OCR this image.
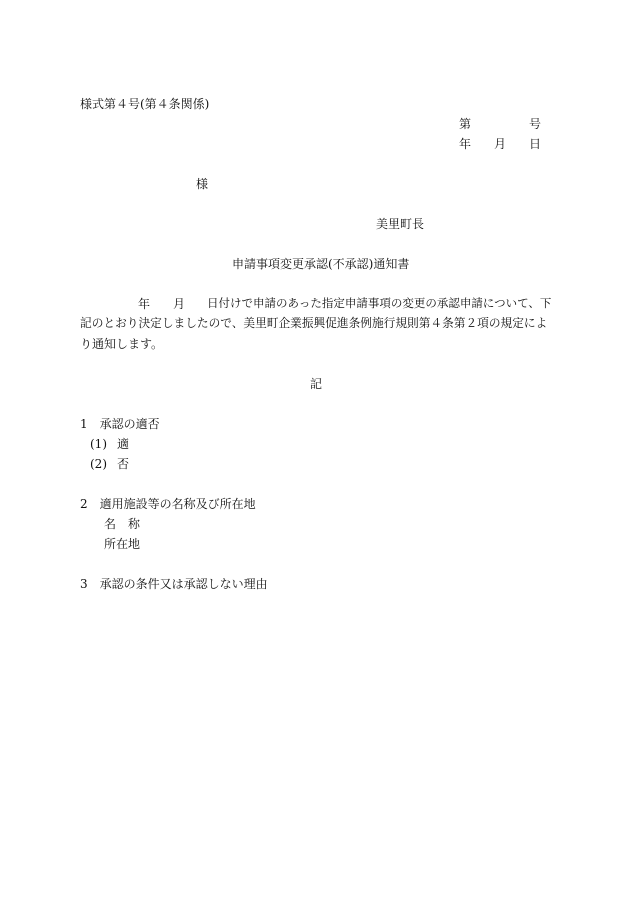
様式第４号(第４条関係)
第	号
年 月 日
様
美里町長
申請事項変更承認(不承認)通知書
年 月 日付けで申請のあった指定申請事項の変更の承認申請について、下
記のとおり決定しましたので、美里町企業振興促進条例施行規則第４条第２項の規定によ
り通知します。
記
1　承認の適否
(1) 適
(2) 否
2　適用施設等の名称及び所在地
名　称
所在地
3　承認の条件又は承認しない理由
